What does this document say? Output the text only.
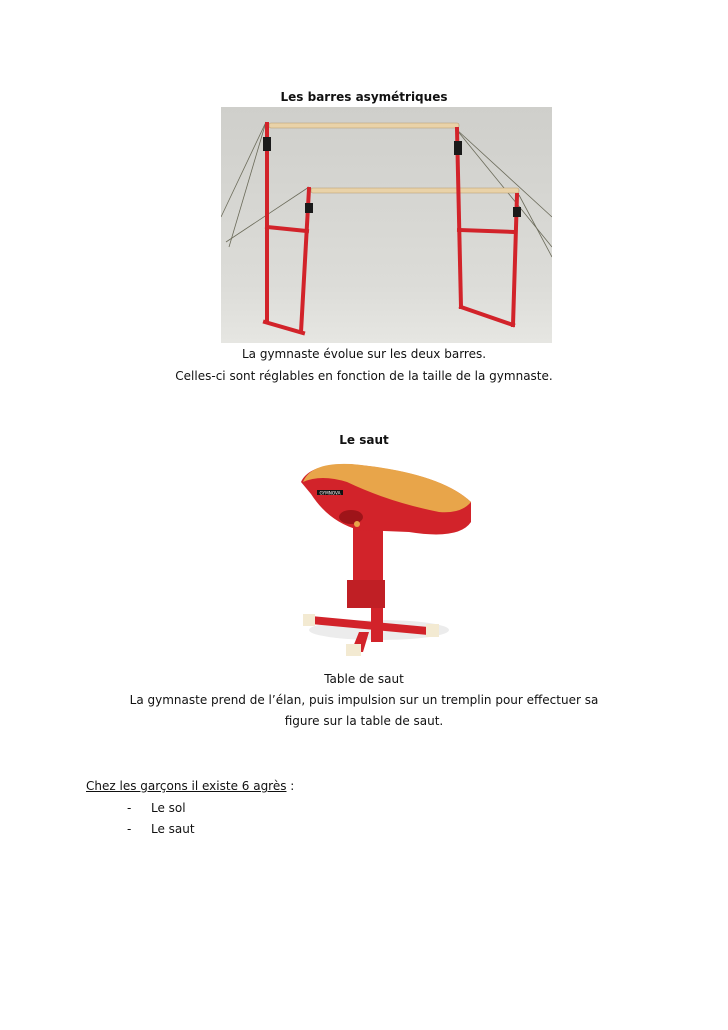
Les barres asymétriques
La gymnaste évolue sur les deux barres.
Celles-ci sont réglables en fonction de la taille de la gymnaste.
Le saut
GYMNOVA
Table de saut
La gymnaste prend de l’élan, puis impulsion sur un tremplin pour effectuer sa
figure sur la table de saut.
Chez les garçons il existe 6 agrès :
- Le sol
- Le saut
